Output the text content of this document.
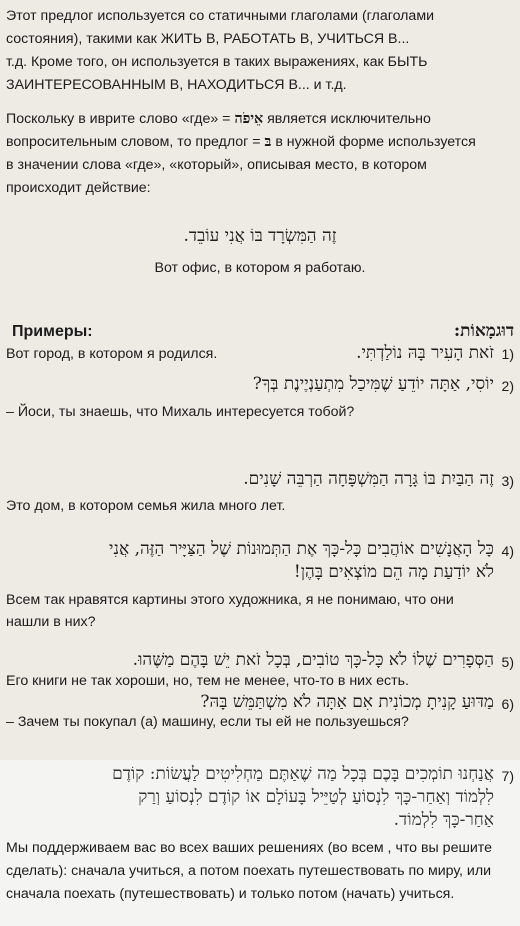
Этот предлог используется со статичными глаголами (глаголами
состояния), такими как ЖИТЬ В, РАБОТАТЬ В, УЧИТЬСЯ В...
т.д. Кроме того, он используется в таких выражениях, как БЫТЬ
ЗАИНТЕРЕСОВАННЫМ В, НАХОДИТЬСЯ В... и т.д.
Поскольку в иврите слово «где» = אֵיפֹה является исключительно
вопросительным словом, то предлог = בּ в нужной форме используется
в значении слова «где», «который», описывая место, в котором
происходит действие:
זֶה הַמִּשְׂרָד בּוֹ אֲנִי עוֹבֵד.
Вот офис, в котором я работаю.
Примеры:	דוּגמָאוֹת:
1)
זֹאת הָעִיר בָּהּ נוֹלַדְתִּי.
Вот город, в котором я родился.
2)
יוֹסִי, אַתָּה יוֹדֵעַ שֶׁמִּיכַל מִתְעַנְיֶינֶת בְּךָ?
– Йоси, ты знаешь, что Михаль интересуется тобой?
3)
זֶה הַבַּיִת בּוֹ גָּרָה הַמִּשְׁפָּחָה הַרְבֵּה שָׁנִים.
Это дом, в котором семья жила много лет.
4)
כָּל הָאֲנָשִׁים אוֹהֲבִים כָּל-כָּךְ אֶת הַתְּמוּנוֹת שֶׁל הַצַּיָּיר הַזֶּה, אֲנִי
לֹא יוֹדַעַת מָה הֵם מוֹצְאִים בָּהֶן!
Всем так нравятся картины этого художника, я не понимаю, что они
нашли в них?
5)
הַסְּפָרִים שֶׁלוֹ לֹא כָּל-כָּךְ טוֹבִים, בְּכָל זֹאת יֵשׁ בָּהֶם מַשֶּׁהוּ.
Его книги не так хороши, но, тем не менее, что-то в них есть.
6)
מַדּוּעַ קָנִיתָ מְכוֹנִית אִם אַתָּה לֹא מִשְׁתַּמֵּשׁ בָּהּ?
– Зачем ты покупал (а) машину, если ты ей не пользуешься?
7)
אֲנַחְנוּ תוֹמְכִים בָּכֶם בְּכָל מַה שֶׁאַתֶּם מַחְלִיטִים לַעֲשׂוֹת: קוֹדֶם
לִלְמוֹד וְאַחַר-כָּךְ לִנְסוֹעַ לְטַיֵּיל בָּעוֹלָם אוֹ קוֹדֶם לִנְסוֹעַ וְרַק
אַחַר-כָּךְ לִלְמוֹד.
Мы поддерживаем вас во всех ваших решениях (во всем , что вы решите
сделать): сначала учиться, а потом поехать путешествовать по миру, или
сначала поехать (путешествовать) и только потом (начать) учиться.
